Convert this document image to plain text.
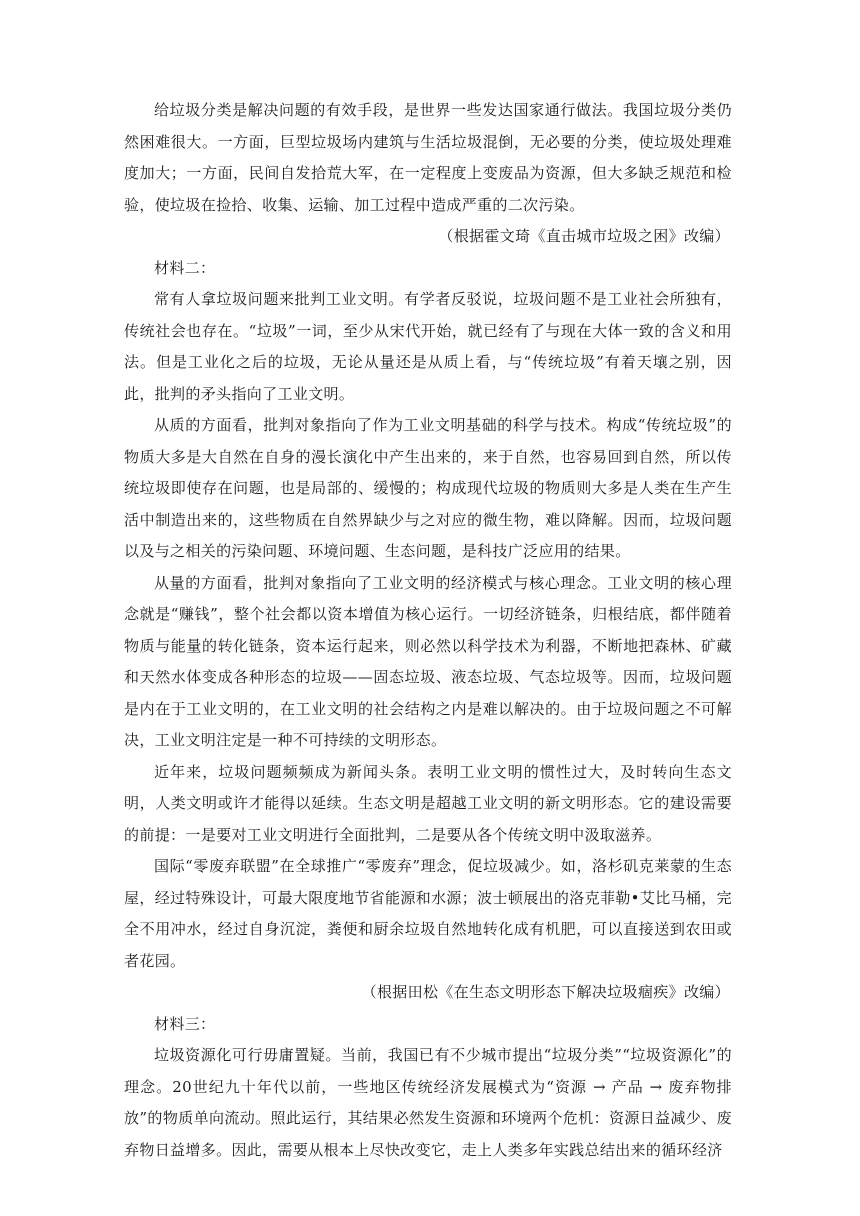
给垃圾分类是解决问题的有效手段，是世界一些发达国家通行做法。我国垃圾分类仍然困难很大。一方面，巨型垃圾场内建筑与生活垃圾混倒，无必要的分类，使垃圾处理难度加大；一方面，民间自发拾荒大军，在一定程度上变废品为资源，但大多缺乏规范和检验，使垃圾在捡拾、收集、运输、加工过程中造成严重的二次污染。

（根据霍文琦《直击城市垃圾之困》改编）

材料二：

常有人拿垃圾问题来批判工业文明。有学者反驳说，垃圾问题不是工业社会所独有，传统社会也存在。“垃圾”一词，至少从宋代开始，就已经有了与现在大体一致的含义和用法。但是工业化之后的垃圾，无论从量还是从质上看，与“传统垃圾”有着天壤之别，因此，批判的矛头指向了工业文明。

从质的方面看，批判对象指向了作为工业文明基础的科学与技术。构成“传统垃圾”的物质大多是大自然在自身的漫长演化中产生出来的，来于自然，也容易回到自然，所以传统垃圾即使存在问题，也是局部的、缓慢的；构成现代垃圾的物质则大多是人类在生产生活中制造出来的，这些物质在自然界缺少与之对应的微生物，难以降解。因而，垃圾问题以及与之相关的污染问题、环境问题、生态问题，是科技广泛应用的结果。

从量的方面看，批判对象指向了工业文明的经济模式与核心理念。工业文明的核心理念就是“赚钱”，整个社会都以资本增值为核心运行。一切经济链条，归根结底，都伴随着物质与能量的转化链条，资本运行起来，则必然以科学技术为利器，不断地把森林、矿藏和天然水体变成各种形态的垃圾——固态垃圾、液态垃圾、气态垃圾等。因而，垃圾问题是内在于工业文明的，在工业文明的社会结构之内是难以解决的。由于垃圾问题之不可解决，工业文明注定是一种不可持续的文明形态。

近年来，垃圾问题频频成为新闻头条。表明工业文明的惯性过大，及时转向生态文明，人类文明或许才能得以延续。生态文明是超越工业文明的新文明形态。它的建设需要的前提：一是要对工业文明进行全面批判，二是要从各个传统文明中汲取滋养。

国际“零废弃联盟”在全球推广“零废弃”理念，促垃圾减少。如，洛杉矶克莱蒙的生态屋，经过特殊设计，可最大限度地节省能源和水源；波士顿展出的洛克菲勒•艾比马桶，完全不用冲水，经过自身沉淀，粪便和厨余垃圾自然地转化成有机肥，可以直接送到农田或者花园。

（根据田松《在生态文明形态下解决垃圾痼疾》改编）

材料三：

垃圾资源化可行毋庸置疑。当前，我国已有不少城市提出“垃圾分类”“垃圾资源化”的理念。20世纪九十年代以前，一些地区传统经济发展模式为“资源 → 产品 → 废弃物排放”的物质单向流动。照此运行，其结果必然发生资源和环境两个危机：资源日益减少、废弃物日益增多。因此，需要从根本上尽快改变它，走上人类多年实践总结出来的循环经济
